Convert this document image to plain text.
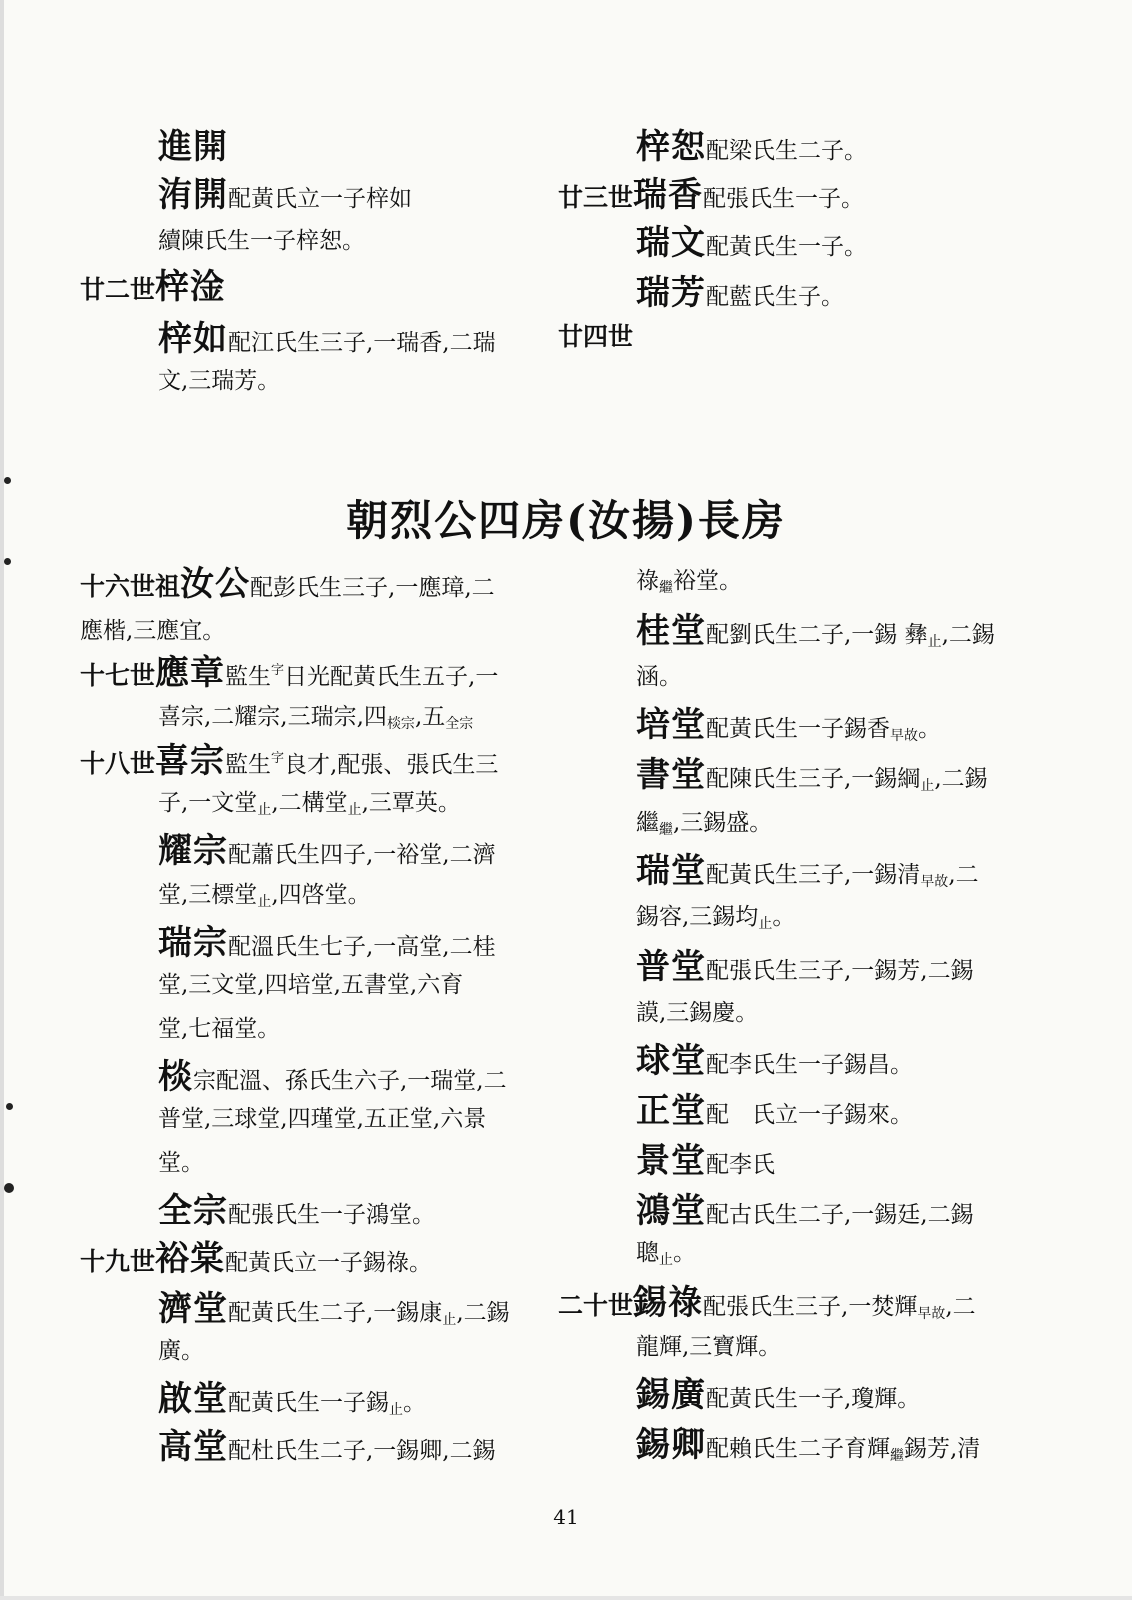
進開
洧開配黃氏立一子梓如
續陳氏生一子梓恕。
廿二世梓淦
梓如配江氏生三子,一瑞香,二瑞
文,三瑞芳。
梓恕配梁氏生二子。
廿三世瑞香配張氏生一子。
瑞文配黃氏生一子。
瑞芳配藍氏生子。
廿四世
朝烈公四房(汝揚)長房
十六世祖汝公配彭氏生三子,一應璋,二
應楷,三應宜。
十七世應章監生$^字$日光配黃氏生五子,一
喜宗,二耀宗,三瑞宗,四棪宗,五全宗
十八世喜宗監生$^字$良才,配張、張氏生三
子,一文堂止,二構堂止,三覃英。
耀宗配蕭氏生四子,一裕堂,二濟
堂,三標堂止,四啓堂。
瑞宗配溫氏生七子,一高堂,二桂
堂,三文堂,四培堂,五書堂,六育
堂,七福堂。
棪宗配溫、孫氏生六子,一瑞堂,二
普堂,三球堂,四瑾堂,五正堂,六景
堂。
全宗配張氏生一子鴻堂。
十九世裕棠配黃氏立一子錫祿。
濟堂配黃氏生二子,一錫康止,二錫
廣。
啟堂配黃氏生一子錫止。
高堂配杜氏生二子,一錫卿,二錫
祿繼裕堂。
桂堂配劉氏生二子,一錫 彝止,二錫
涵。
培堂配黃氏生一子錫香早故。
書堂配陳氏生三子,一錫綱止,二錫
繼繼,三錫盛。
瑞堂配黃氏生三子,一錫清早故,二
錫容,三錫均止。
普堂配張氏生三子,一錫芳,二錫
謨,三錫慶。
球堂配李氏生一子錫昌。
正堂配　氏立一子錫來。
景堂配李氏
鴻堂配古氏生二子,一錫廷,二錫
聰止。
二十世錫祿配張氏生三子,一焚輝早故,二
龍輝,三寶輝。
錫廣配黃氏生一子,瓊輝。
錫卿配賴氏生二子育輝繼錫芳,清
41
